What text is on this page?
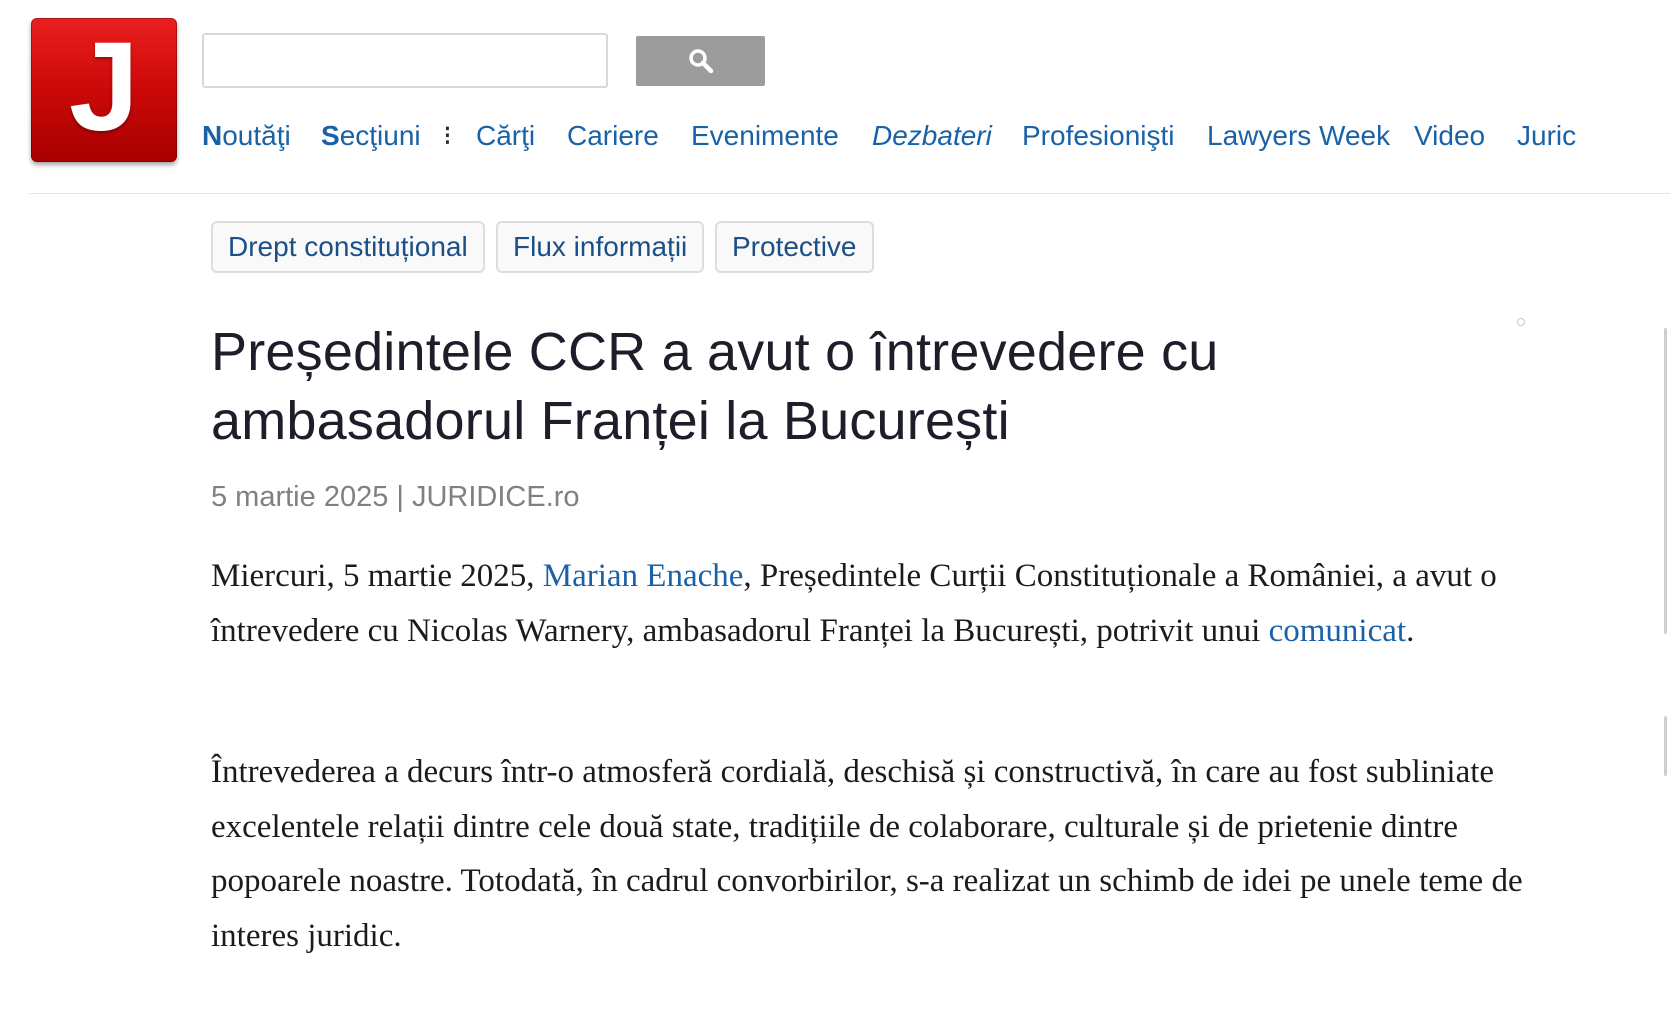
J Noutăţi Secţiuni ⁝ Cărţi Cariere Evenimente Dezbateri Profesionişti Lawyers Week Video Juric
Drept constituțional	Flux informații	Protective
Președintele CCR a avut o întrevedere cu ambasadorul Franței la București
5 martie 2025 | JURIDICE.ro

Miercuri, 5 martie 2025, Marian Enache, Președintele Curții Constituționale a României, a avut o întrevedere cu Nicolas Warnery, ambasadorul Franței la București, potrivit unui comunicat.

Întrevederea a decurs într-o atmosferă cordială, deschisă și constructivă, în care au fost subliniate excelentele relații dintre cele două state, tradițiile de colaborare, culturale și de prietenie dintre popoarele noastre. Totodată, în cadrul convorbirilor, s-a realizat un schimb de idei pe unele teme de interes juridic.
